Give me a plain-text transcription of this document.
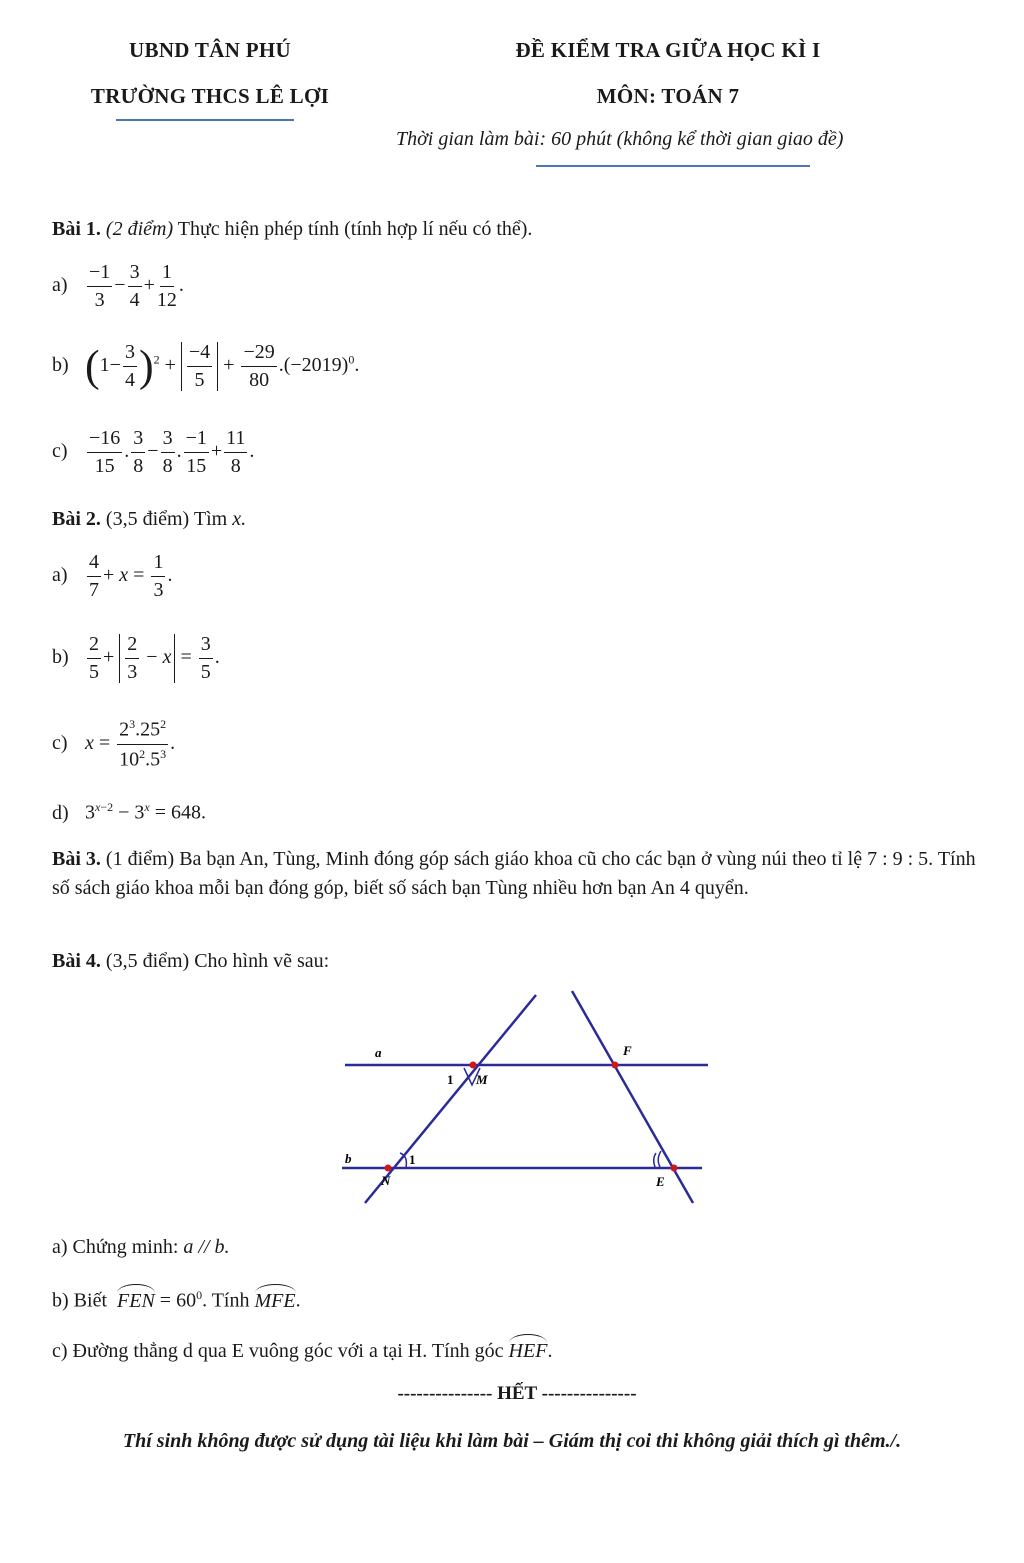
UBND TÂN PHÚ
TRƯỜNG THCS LÊ LỢI
ĐỀ KIỂM TRA GIỮA HỌC KÌ I
MÔN: TOÁN 7
Thời gian làm bài: 60 phút (không kể thời gian giao đề)
Bài 1. (2 điểm) Thực hiện phép tính (tính hợp lí nếu có thể).
$a) \frac{-1}{3} - \frac{3}{4} + \frac{1}{12}$ .
b) $(1- \frac{3}{4} )^2 + \frac{-4}{5} + \frac{-29}{80} .(-2019)^0$.
$c) \frac{-16}{15}$ . $\frac{3}{8} - \frac{3}{8}$ . $\frac{-1}{15} + \frac{11}{8}$ .
Bài 2. (3,5 điểm) Tìm x.
$a) \frac{4}{7} + x = \frac{1}{3}$ .
$b) \frac{2}{5} + \frac{2}{3} - x = \frac{3}{5}$ .
c) $x = \frac{2^3.25^2}{10^2.5^3}$ .
d) $3^{x-2} - 3^x = 648$.
Bài 3. (1 điểm) Ba bạn An, Tùng, Minh đóng góp sách giáo khoa cũ cho các bạn ở vùng núi theo tỉ lệ 7 : 9 : 5. Tính số sách giáo khoa mỗi bạn đóng góp, biết số sách bạn Tùng nhiều hơn bạn An 4 quyển.
Bài 4. (3,5 điểm) Cho hình vẽ sau:
a
b
F
M
1
1
N	E
a) Chứng minh: a // b.
b) Biết FEN = $60^0$. Tính MFE.
c) Đường thẳng d qua E vuông góc với a tại H. Tính góc HEF.
--------------- HẾT ---------------
Thí sinh không được sử dụng tài liệu khi làm bài – Giám thị coi thi không giải thích gì thêm./.
